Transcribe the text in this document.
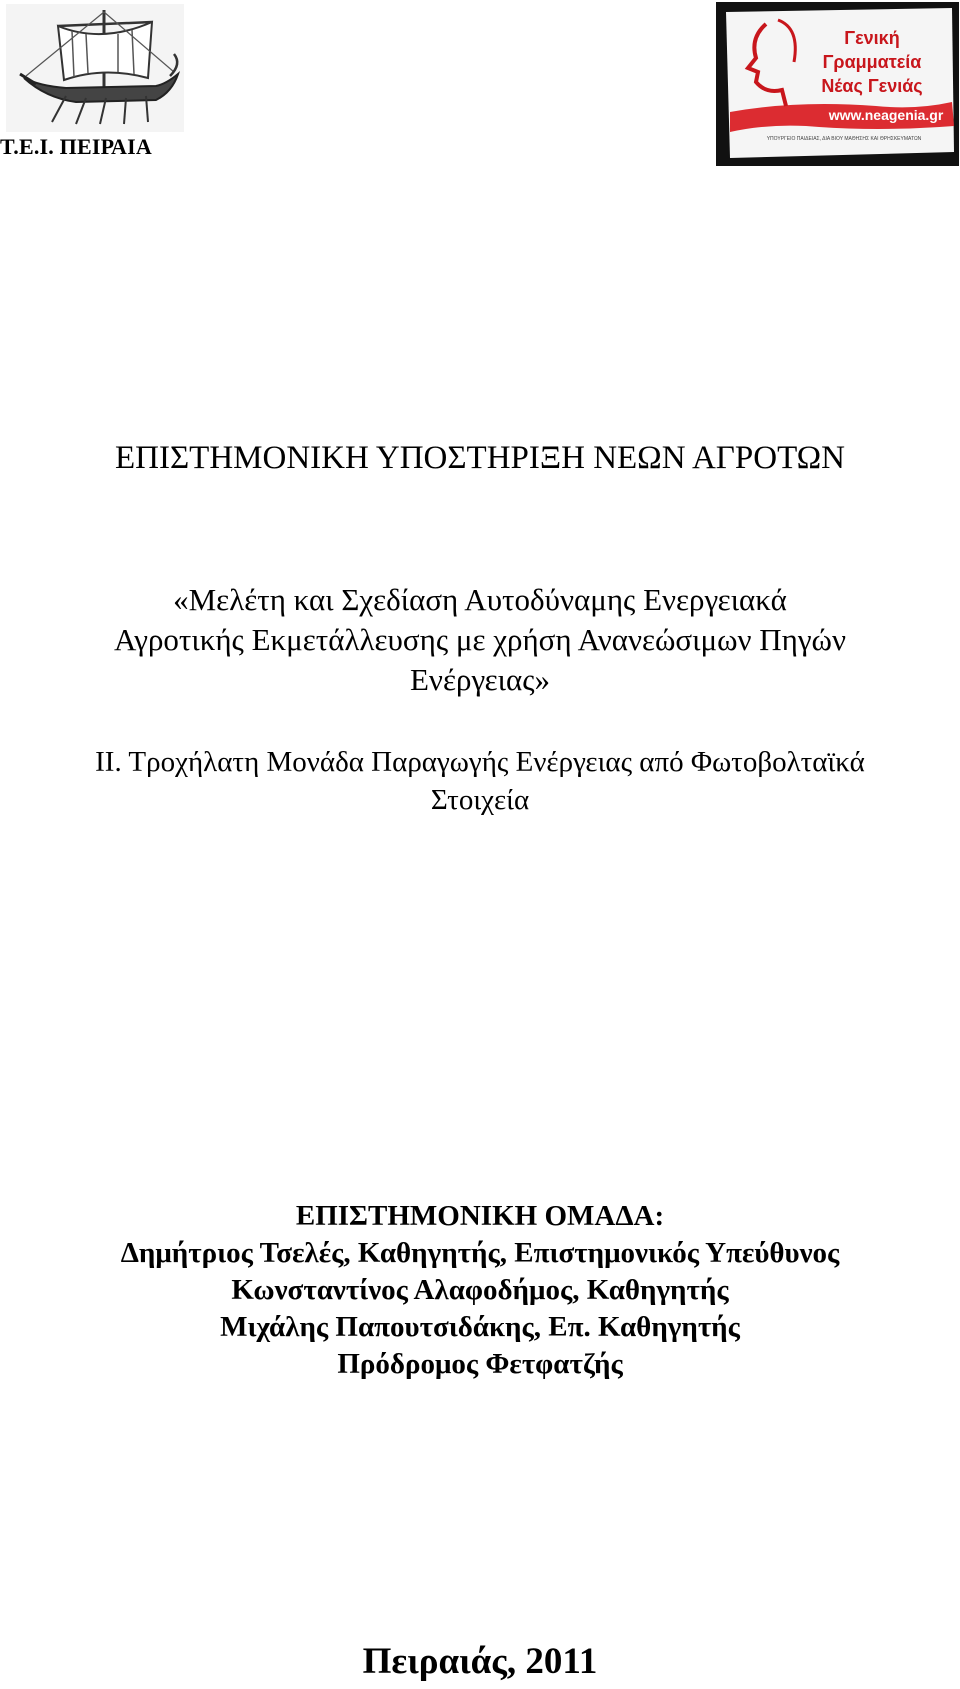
Τ.Ε.Ι. ΠΕΙΡΑΙΑ
Γενική
Γραμματεία
Νέας Γενιάς
www.neagenia.gr
ΥΠΟΥΡΓΕΙΟ ΠΑΙΔΕΙΑΣ, ΔΙΑ ΒΙΟΥ ΜΑΘΗΣΗΣ ΚΑΙ ΘΡΗΣΚΕΥΜΑΤΩΝ
ΕΠΙΣΤΗΜΟΝΙΚΗ ΥΠΟΣΤΗΡΙΞΗ ΝΕΩΝ ΑΓΡΟΤΩΝ
«Μελέτη και Σχεδίαση Αυτοδύναμης Ενεργειακά
Αγροτικής Εκμετάλλευσης με χρήση Ανανεώσιμων Πηγών
Ενέργειας»
ΙΙ. Τροχήλατη Μονάδα Παραγωγής Ενέργειας από Φωτοβολταϊκά
Στοιχεία
ΕΠΙΣΤΗΜΟΝΙΚΗ ΟΜΑΔΑ:
Δημήτριος Τσελές, Καθηγητής, Επιστημονικός Υπεύθυνος
Κωνσταντίνος Αλαφοδήμος, Καθηγητής
Μιχάλης Παπουτσιδάκης, Επ. Καθηγητής
Πρόδρομος Φετφατζής
Πειραιάς, 2011
